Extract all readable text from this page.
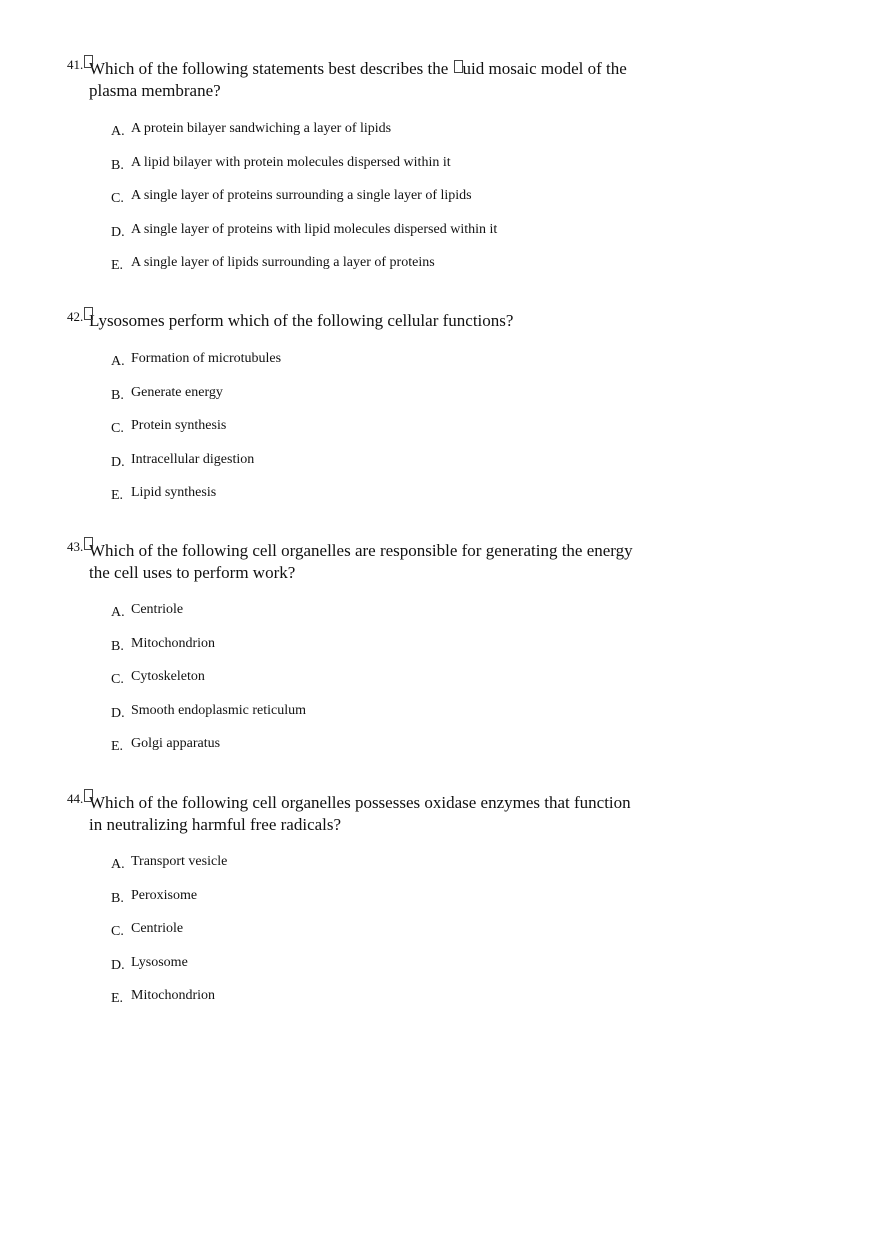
41. Which of the following statements best describes the uid mosaic model of the
plasma membrane?
A. A protein bilayer sandwiching a layer of lipids
B. A lipid bilayer with protein molecules dispersed within it
C. A single layer of proteins surrounding a single layer of lipids
D. A single layer of proteins with lipid molecules dispersed within it
E. A single layer of lipids surrounding a layer of proteins
42. Lysosomes perform which of the following cellular functions?
A. Formation of microtubules
B. Generate energy
C. Protein synthesis
D. Intracellular digestion
E. Lipid synthesis
43. Which of the following cell organelles are responsible for generating the energy
the cell uses to perform work?
A. Centriole
B. Mitochondrion
C. Cytoskeleton
D. Smooth endoplasmic reticulum
E. Golgi apparatus
44. Which of the following cell organelles possesses oxidase enzymes that function
in neutralizing harmful free radicals?
A. Transport vesicle
B. Peroxisome
C. Centriole
D. Lysosome
E. Mitochondrion
